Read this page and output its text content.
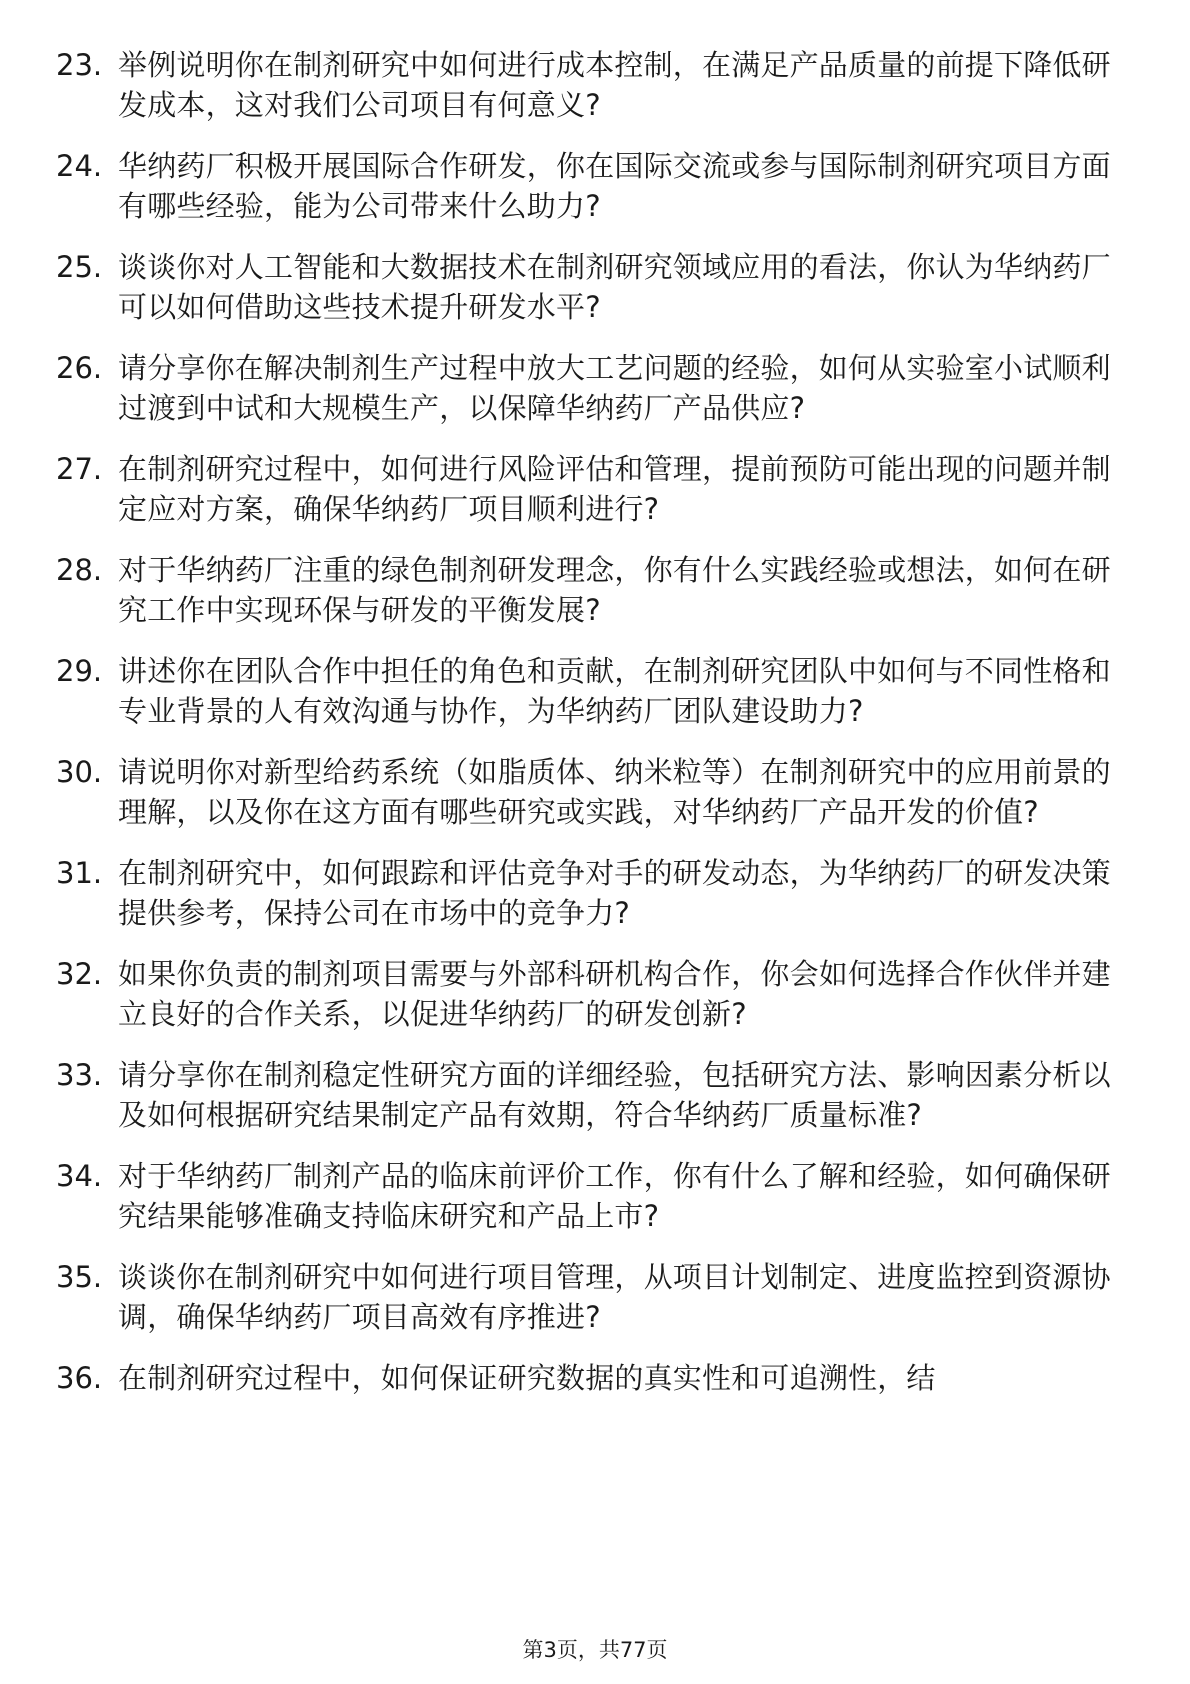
23. 举例说明你在制剂研究中如何进行成本控制，在满足产品质量的前提下降低研发成本，这对我们公司项目有何意义?
24. 华纳药厂积极开展国际合作研发，你在国际交流或参与国际制剂研究项目方面有哪些经验，能为公司带来什么助力?
25. 谈谈你对人工智能和大数据技术在制剂研究领域应用的看法，你认为华纳药厂可以如何借助这些技术提升研发水平?
26. 请分享你在解决制剂生产过程中放大工艺问题的经验，如何从实验室小试顺利过渡到中试和大规模生产，以保障华纳药厂产品供应?
27. 在制剂研究过程中，如何进行风险评估和管理，提前预防可能出现的问题并制定应对方案，确保华纳药厂项目顺利进行?
28. 对于华纳药厂注重的绿色制剂研发理念，你有什么实践经验或想法，如何在研究工作中实现环保与研发的平衡发展?
29. 讲述你在团队合作中担任的角色和贡献，在制剂研究团队中如何与不同性格和专业背景的人有效沟通与协作，为华纳药厂团队建设助力?
30. 请说明你对新型给药系统（如脂质体、纳米粒等）在制剂研究中的应用前景的理解，以及你在这方面有哪些研究或实践，对华纳药厂产品开发的价值?
31. 在制剂研究中，如何跟踪和评估竞争对手的研发动态，为华纳药厂的研发决策提供参考，保持公司在市场中的竞争力?
32. 如果你负责的制剂项目需要与外部科研机构合作，你会如何选择合作伙伴并建立良好的合作关系，以促进华纳药厂的研发创新?
33. 请分享你在制剂稳定性研究方面的详细经验，包括研究方法、影响因素分析以及如何根据研究结果制定产品有效期，符合华纳药厂质量标准?
34. 对于华纳药厂制剂产品的临床前评价工作，你有什么了解和经验，如何确保研究结果能够准确支持临床研究和产品上市?
35. 谈谈你在制剂研究中如何进行项目管理，从项目计划制定、进度监控到资源协调，确保华纳药厂项目高效有序推进?
36. 在制剂研究过程中，如何保证研究数据的真实性和可追溯性，结
第3页，共77页
